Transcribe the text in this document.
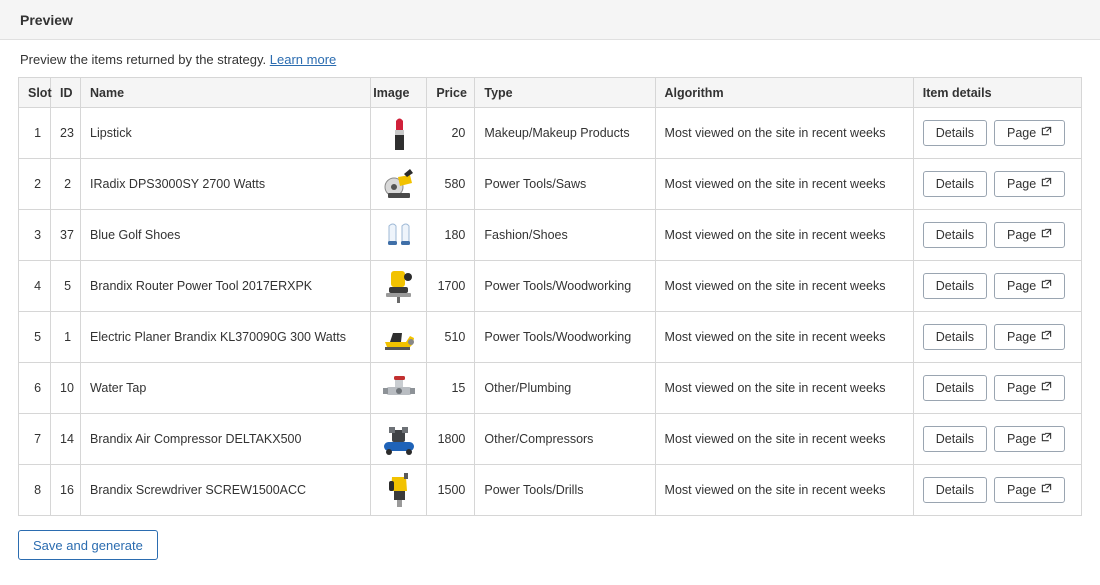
Preview
Preview the items returned by the strategy. Learn more
Slot	ID	Name	Image	Price	Type	Algorithm	Item details
1	23	Lipstick		20	Makeup/Makeup Products	Most viewed on the site in recent weeks	Details Page

2	2	IRadix DPS3000SY 2700 Watts		580	Power Tools/Saws	Most viewed on the site in recent weeks	Details Page

3	37	Blue Golf Shoes		180	Fashion/Shoes	Most viewed on the site in recent weeks	Details Page

4	5	Brandix Router Power Tool 2017ERXPK		1700	Power Tools/Woodworking	Most viewed on the site in recent weeks	Details Page

5	1	Electric Planer Brandix KL370090G 300 Watts		510	Power Tools/Woodworking	Most viewed on the site in recent weeks	Details Page

6	10	Water Tap		15	Other/Plumbing	Most viewed on the site in recent weeks	Details Page

7	14	Brandix Air Compressor DELTAKX500		1800	Other/Compressors	Most viewed on the site in recent weeks	Details Page

8	16	Brandix Screwdriver SCREW1500ACC		1500	Power Tools/Drills	Most viewed on the site in recent weeks	Details Page
Save and generate
